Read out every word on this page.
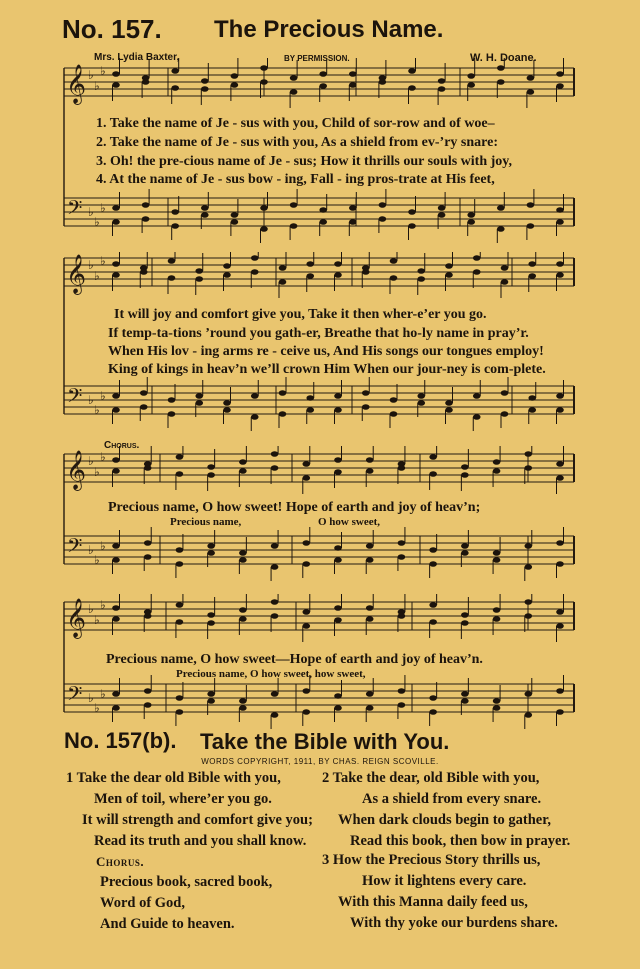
No. 157. The Precious Name.
Mrs. Lydia Baxter,	BY PERMISSION.	W. H. Doane.
𝄞
𝄢
♭
♭
♭
♭
♭
♭
1. Take the name of Je - sus with you, Child of sor-row and of woe–
2. Take the name of Je - sus with you, As a shield from ev-’ry snare:
3. Oh! the pre-cious name of Je - sus; How it thrills our souls with joy,
4. At the name of Je - sus bow - ing, Fall - ing pros-trate at His feet,
𝄞
𝄢
♭
♭
♭
♭
♭
♭
It will joy and comfort give you, Take it then wher-e’er you go.
If temp-ta-tions ’round you gath-er, Breathe that ho-ly name in pray’r.
When His lov - ing arms re - ceive us, And His songs our tongues employ!
King of kings in heav’n we’ll crown Him When our jour-ney is com-plete.
Chorus.
𝄞
𝄢
♭
♭
♭
♭
♭
♭
Precious name, O how sweet! Hope of earth and joy of heav’n;
Precious name,	O how sweet,
𝄞
𝄢
♭
♭
♭
♭
♭
♭
Precious name, O how sweet—Hope of earth and joy of heav’n.
Precious name, O how sweet, how sweet,
No. 157(b). Take the Bible with You.
WORDS COPYRIGHT, 1911, BY CHAS. REIGN SCOVILLE.
1 Take the dear old Bible with you,
Men of toil, where’er you go.
It will strength and comfort give you;
Read its truth and you shall know.
2 Take the dear, old Bible with you,
As a shield from every snare.
When dark clouds begin to gather,
Read this book, then bow in prayer.
Chorus.
Precious book, sacred book,
Word of God,
And Guide to heaven.
3 How the Precious Story thrills us,
How it lightens every care.
With this Manna daily feed us,
With thy yoke our burdens share.
